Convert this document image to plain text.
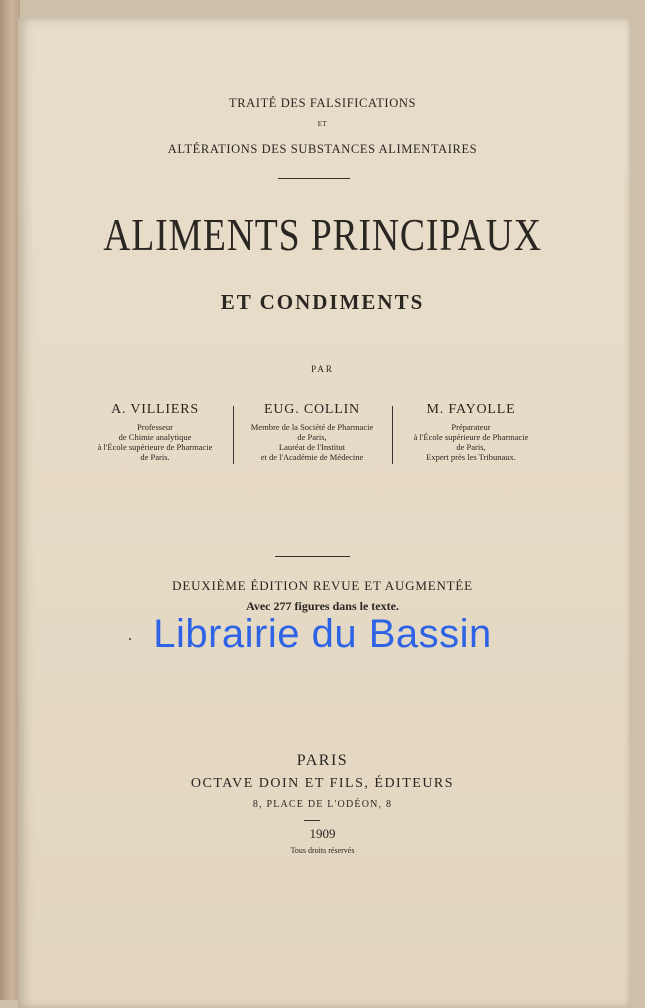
TRAITÉ DES FALSIFICATIONS
ET
ALTÉRATIONS DES SUBSTANCES ALIMENTAIRES
ALIMENTS PRINCIPAUX
ET CONDIMENTS
PAR
A. VILLIERS
Professeur
de Chimie analytique
à l'École supérieure de Pharmacie
de Paris.
EUG. COLLIN
Membre de la Société de Pharmacie
de Paris,
Lauréat de l'Institut
et de l'Académie de Médecine
M. FAYOLLE
Préparateur
à l'École supérieure de Pharmacie
de Paris,
Expert près les Tribunaux.
DEUXIÈME ÉDITION REVUE ET AUGMENTÉE
Avec 277 figures dans le texte.
Librairie du Bassin
PARIS
OCTAVE DOIN ET FILS, ÉDITEURS
8, PLACE DE L'ODÉON, 8
1909
Tous droits réservés
